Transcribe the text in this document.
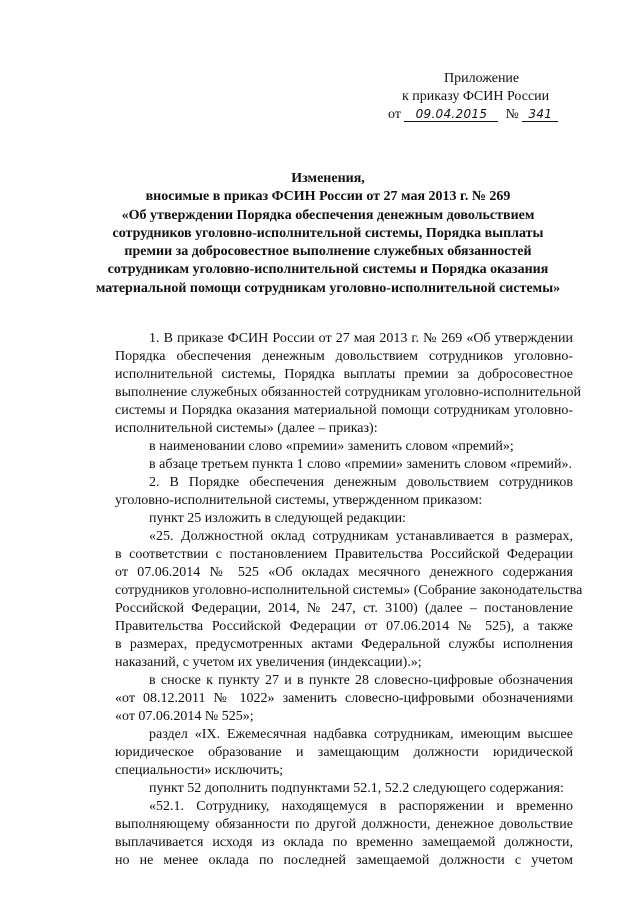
Приложение
к приказу ФСИН России
от 09.04.2015 № 341
Изменения,
вносимые в приказ ФСИН России от 27 мая 2013 г. № 269
«Об утверждении Порядка обеспечения денежным довольствием
сотрудников уголовно-исполнительной системы, Порядка выплаты
премии за добросовестное выполнение служебных обязанностей
сотрудникам уголовно-исполнительной системы и Порядка оказания
материальной помощи сотрудникам уголовно-исполнительной системы»
1. В приказе ФСИН России от 27 мая 2013 г. № 269 «Об утверждении
Порядка обеспечения денежным довольствием сотрудников уголовно-
исполнительной системы, Порядка выплаты премии за добросовестное
выполнение служебных обязанностей сотрудникам уголовно-исполнительной
системы и Порядка оказания материальной помощи сотрудникам уголовно-
исполнительной системы» (далее – приказ):
в наименовании слово «премии» заменить словом «премий»;
в абзаце третьем пункта 1 слово «премии» заменить словом «премий».
2. В Порядке обеспечения денежным довольствием сотрудников
уголовно-исполнительной системы, утвержденном приказом:
пункт 25 изложить в следующей редакции:
«25. Должностной оклад сотрудникам устанавливается в размерах,
в соответствии с постановлением Правительства Российской Федерации
от 07.06.2014 № 525 «Об окладах месячного денежного содержания
сотрудников уголовно-исполнительной системы» (Собрание законодательства
Российской Федерации, 2014, № 247, ст. 3100) (далее – постановление
Правительства Российской Федерации от 07.06.2014 № 525), а также
в размерах, предусмотренных актами Федеральной службы исполнения
наказаний, с учетом их увеличения (индексации).»;
в сноске к пункту 27 и в пункте 28 словесно-цифровые обозначения
«от 08.12.2011 № 1022» заменить словесно-цифровыми обозначениями
«от 07.06.2014 № 525»;
раздел «IX. Ежемесячная надбавка сотрудникам, имеющим высшее
юридическое образование и замещающим должности юридической
специальности» исключить;
пункт 52 дополнить подпунктами 52.1, 52.2 следующего содержания:
«52.1. Сотруднику, находящемуся в распоряжении и временно
выполняющему обязанности по другой должности, денежное довольствие
выплачивается исходя из оклада по временно замещаемой должности,
но не менее оклада по последней замещаемой должности с учетом
